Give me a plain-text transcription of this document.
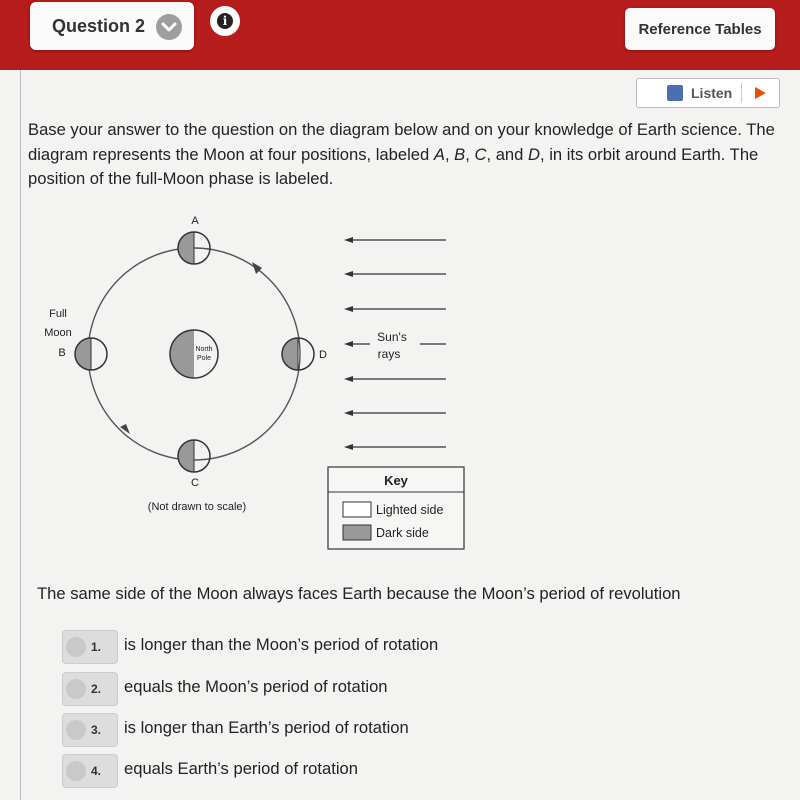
Question 2	i	Reference Tables
Listen
Base your answer to the question on the diagram below and on your knowledge of Earth science. The diagram represents the Moon at four positions, labeled A, B, C, and D, in its orbit around Earth. The position of the full-Moon phase is labeled.
A
Full
Moon
B
C
D
North
Pole
Sun's
rays
(Not drawn to scale)
Key
Lighted side
Dark side
The same side of the Moon always faces Earth because the Moon’s period of revolution
1. is longer than the Moon’s period of rotation
2. equals the Moon’s period of rotation
3. is longer than Earth’s period of rotation
4. equals Earth’s period of rotation
